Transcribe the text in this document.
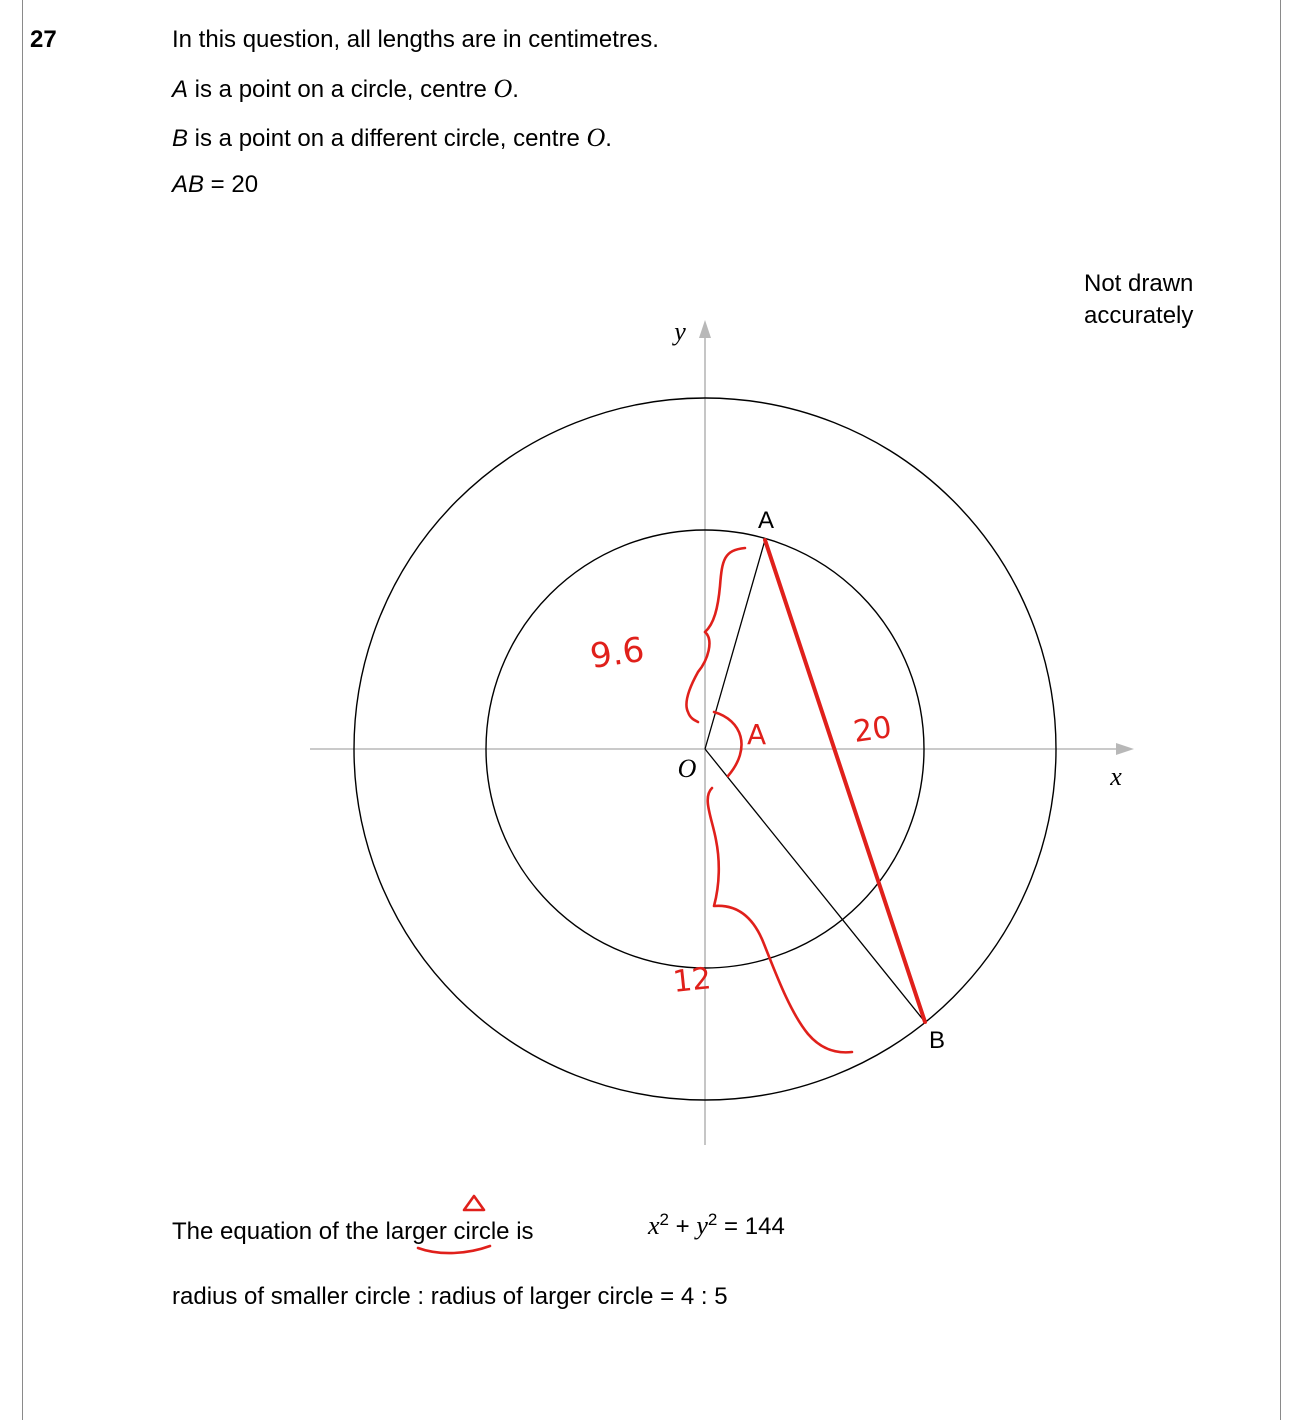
27	In this question, all lengths are in centimetres.
A is a point on a circle, centre O.
B is a point on a different circle, centre O.
AB = 20
Not drawn
accurately
A
B
O	x
y
9.6
12
20
A
The equation of the larger circle is	$x^2 + y^2 = 144$
radius of smaller circle : radius of larger circle = 4 : 5
